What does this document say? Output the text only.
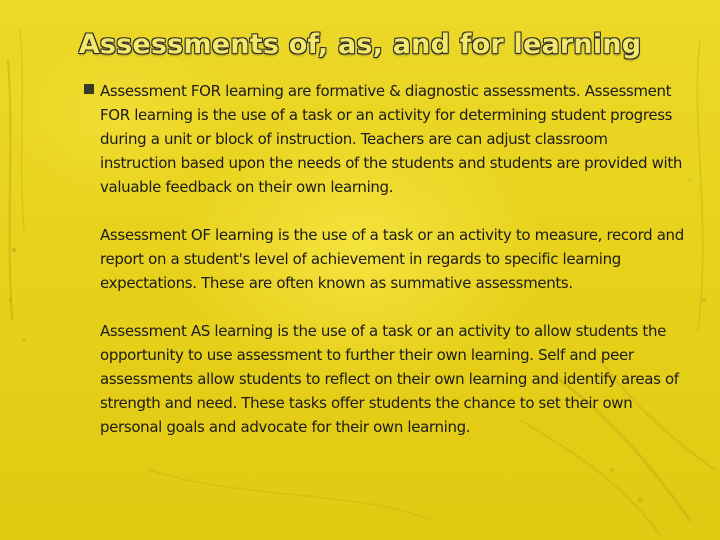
Assessments of, as, and for learning

Assessment FOR learning are formative & diagnostic assessments. Assessment FOR learning is the use of a task or an activity for determining student progress during a unit or block of instruction. Teachers are can adjust classroom instruction based upon the needs of the students and students are provided with valuable feedback on their own learning.

Assessment OF learning is the use of a task or an activity to measure, record and report on a student's level of achievement in regards to specific learning expectations. These are often known as summative assessments.

Assessment AS learning is the use of a task or an activity to allow students the opportunity to use assessment to further their own learning. Self and peer assessments allow students to reflect on their own learning and identify areas of strength and need. These tasks offer students the chance to set their own personal goals and advocate for their own learning.
